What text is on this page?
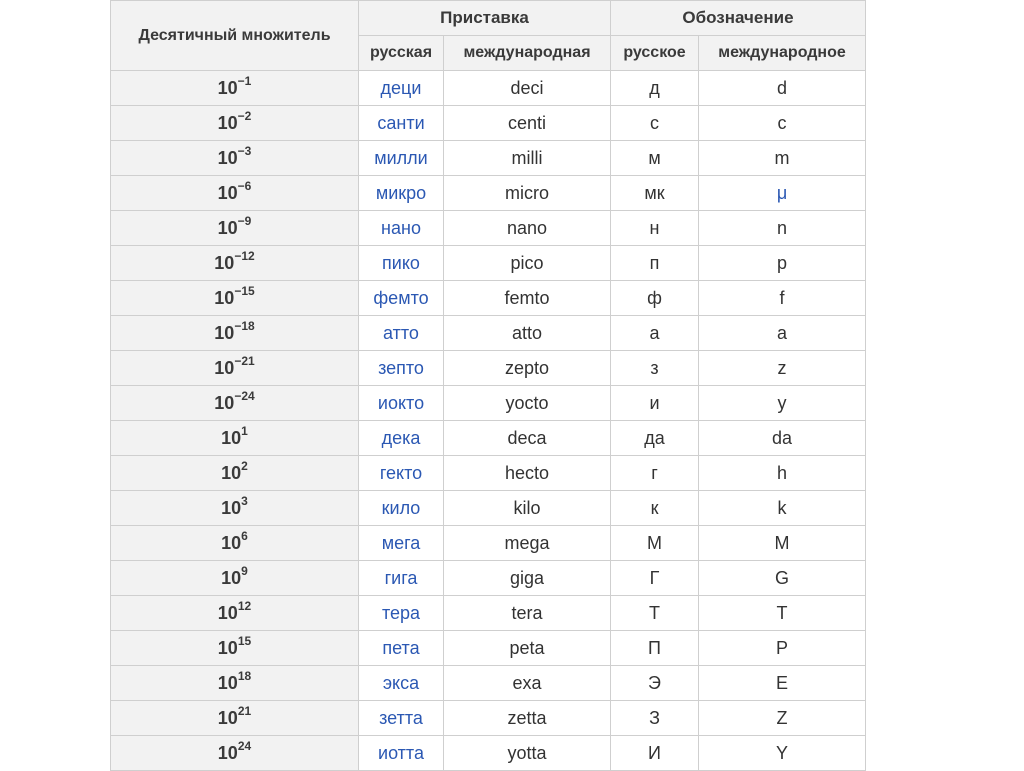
Десятичный множитель	Приставка		Обозначение	
	русская	международная	русское	международное
$10^{-1}$	деци	deci	д	d
$10^{-2}$	санти	centi	с	c
$10^{-3}$	милли	milli	м	m
$10^{-6}$	микро	micro	мк	μ
$10^{-9}$	нано	nano	н	n
$10^{-12}$	пико	pico	п	p
$10^{-15}$	фемто	femto	ф	f
$10^{-18}$	атто	atto	а	a
$10^{-21}$	зепто	zepto	з	z
$10^{-24}$	иокто	yocto	и	y
$10^1$	дека	deca	да	da
$10^2$	гекто	hecto	г	h
$10^3$	кило	kilo	к	k
$10^6$	мега	mega	М	M
$10^9$	гига	giga	Г	G
$10^{12}$	тера	tera	Т	T
$10^{15}$	пета	peta	П	P
$10^{18}$	экса	exa	Э	E
$10^{21}$	зетта	zetta	З	Z
$10^{24}$	иотта	yotta	И	Y
